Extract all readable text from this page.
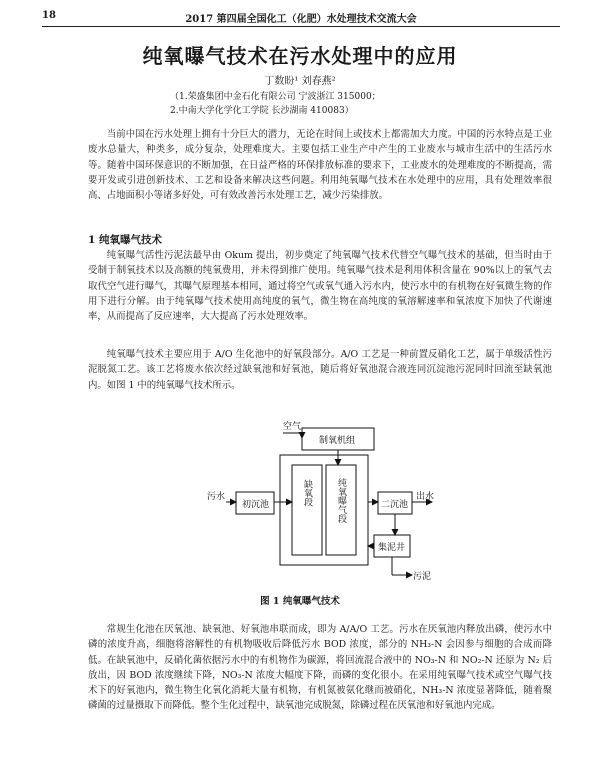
18	2017 第四届全国化工（化肥）水处理技术交流大会
纯氧曝气技术在污水处理中的应用
丁数盼¹ 刘春燕²
（1.荣盛集团中金石化有限公司 宁波浙江 315000；
2.中南大学化学化工学院 长沙湖南 410083）

当前中国在污水处理上拥有十分巨大的潜力，无论在时间上或技术上都需加大力度。中国的污水特点是工业废水总量大，种类多，成分复杂，处理难度大。主要包括工业生产中产生的工业废水与城市生活中的生活污水等。随着中国环保意识的不断加强，在日益严格的环保排放标准的要求下，工业废水的处理难度的不断提高，需要开发或引进创新技术、工艺和设备来解决这些问题。利用纯氧曝气技术在水处理中的应用，具有处理效率很高、占地面积小等诸多好处，可有效改善污水处理工艺，减少污染排放。

1 纯氧曝气技术

纯氧曝气活性污泥法最早由 Okum 提出，初步奠定了纯氧曝气技术代替空气曝气技术的基础，但当时由于受制于制氧技术以及高额的纯氧费用，并未得到推广使用。纯氧曝气技术是利用体积含量在 90%以上的氧气去取代空气进行曝气，其曝气原理基本相同，通过将空气或氧气通入污水内，使污水中的有机物在好氧微生物的作用下进行分解。由于纯氧曝气技术使用高纯度的氧气，微生物在高纯度的氧溶解速率和氧浓度下加快了代谢速率，从而提高了反应速率，大大提高了污水处理效率。

纯氧曝气技术主要应用于 A/O 生化池中的好氧段部分。A/O 工艺是一种前置反硝化工艺，属于单级活性污泥脱氮工艺。该工艺将废水依次经过缺氧池和好氧池，随后将好氧池混合液连同沉淀池污泥同时回流至缺氧池内。如图 1 中的纯氧曝气技术所示。

空气
制氧机组
污水
初沉池	缺氧段	纯氧曝气段	二沉池
出水
集泥井
污泥
图 1 纯氧曝气技术

常规生化池在厌氧池、缺氧池、好氧池串联而成，即为 A/A/O 工艺。污水在厌氧池内释放出磷，使污水中磷的浓度升高，细胞将溶解性的有机物吸收后降低污水 BOD 浓度，部分的 NH₃-N 会因参与细胞的合成而降低。在缺氧池中，反硝化菌依据污水中的有机物作为碳源，将回流混合液中的 NO₃-N 和 NO₂-N 还原为 N₂ 后放出，因 BOD 浓度继续下降，NO₃-N 浓度大幅度下降，而磷的变化很小。在采用纯氧曝气技术或空气曝气技术下的好氧池内，微生物生化氧化消耗大量有机物，有机氮被氨化继而被硝化，NH₃-N 浓度显著降低，随着聚磷菌的过量摄取下而降低。整个生化过程中，缺氧池完成脱氮，除磷过程在厌氧池和好氧池内完成。
